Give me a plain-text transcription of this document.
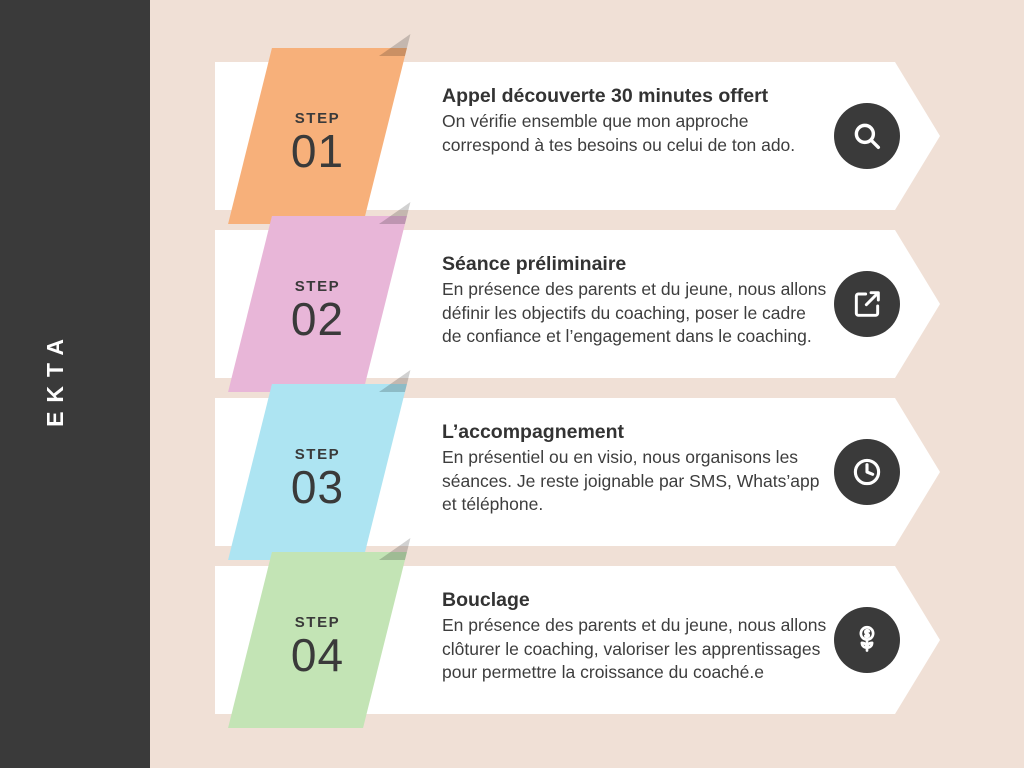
EKTA
STEP
01

Appel découverte 30 minutes offert

On vérifie ensemble que mon approche correspond à tes besoins ou celui de ton ado.

STEP
02

Séance préliminaire

En présence des parents et du jeune, nous allons définir les objectifs du coaching, poser le cadre de confiance et l’engagement dans le coaching.

STEP
03

L’accompagnement

En présentiel ou en visio, nous organisons les séances. Je reste joignable par SMS, Whats’app et téléphone.

STEP
04

Bouclage

En présence des parents et du jeune, nous allons clôturer le coaching, valoriser les apprentissages pour permettre la croissance du coaché.e
